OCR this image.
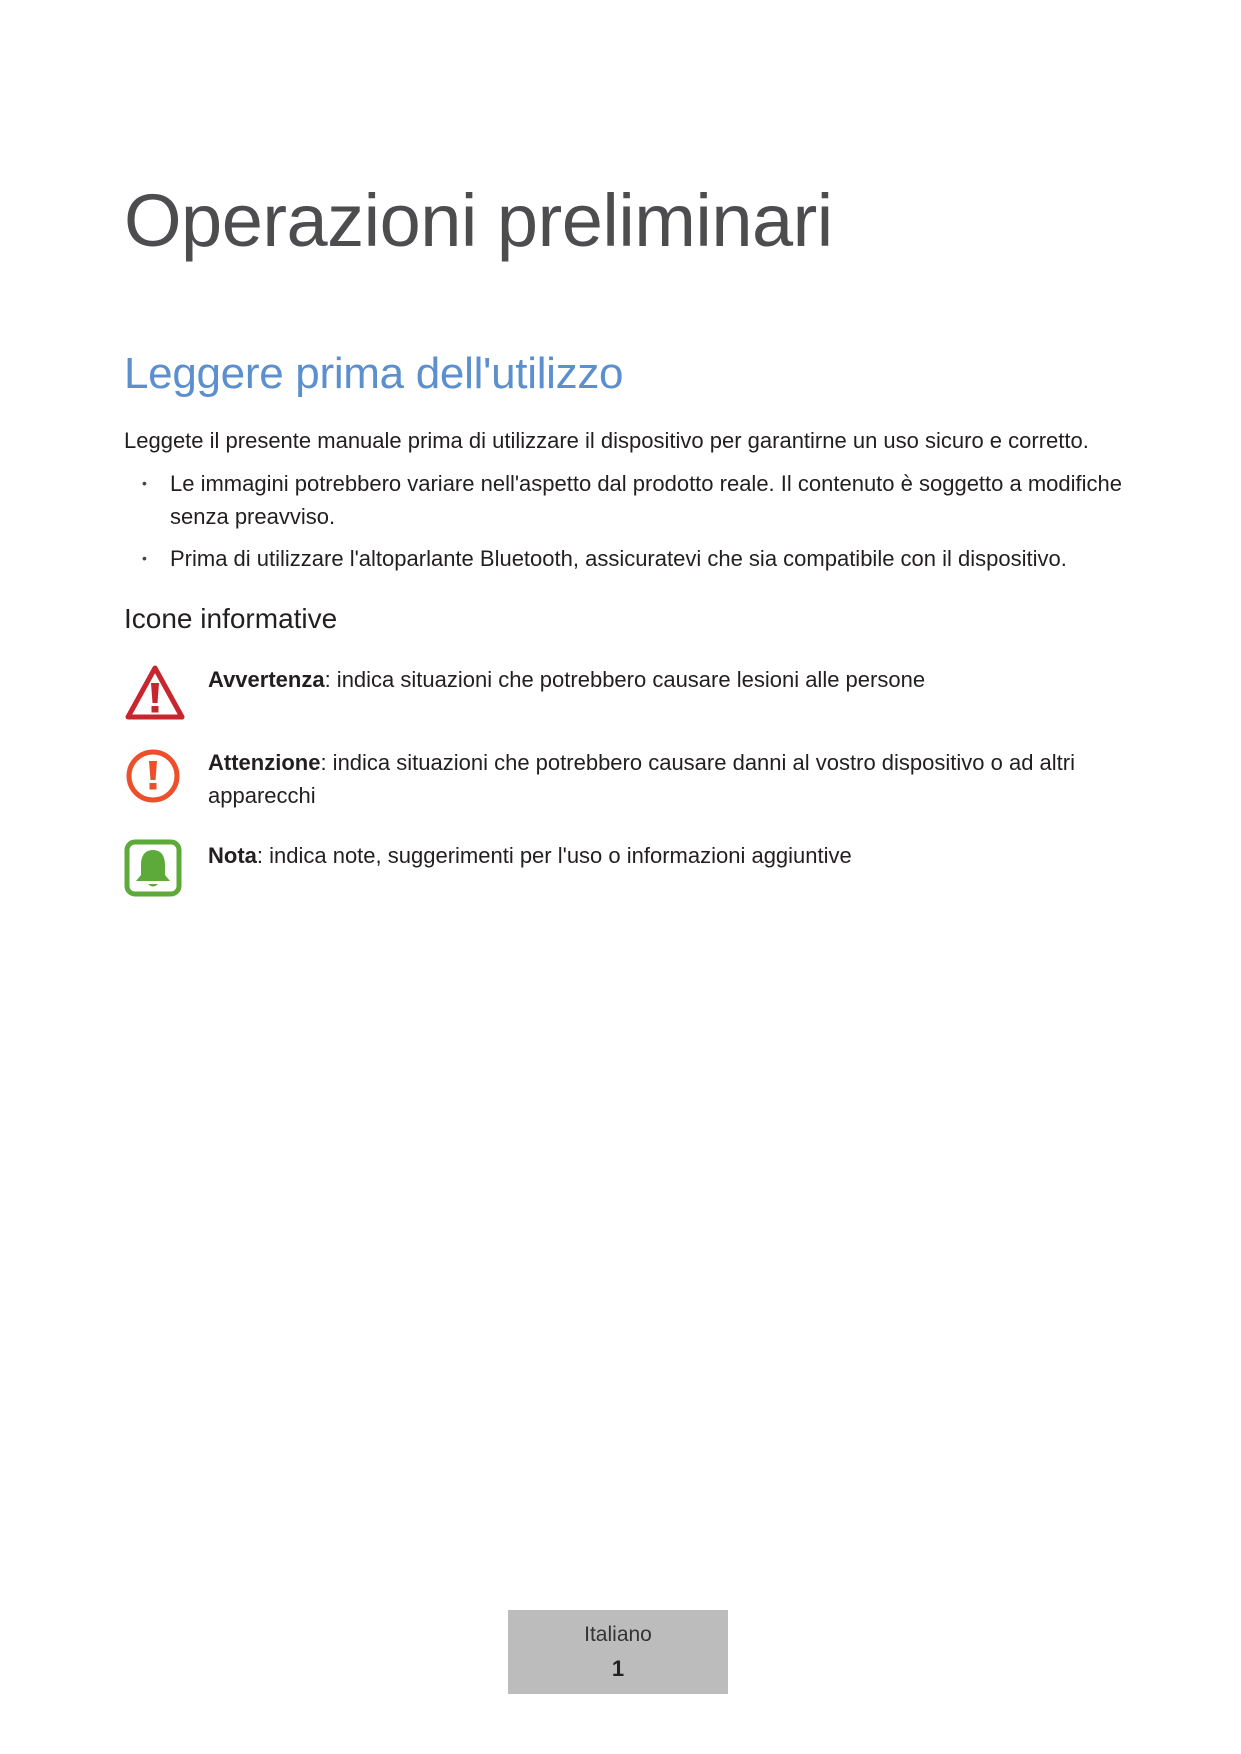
Operazioni preliminari
Leggere prima dell'utilizzo

Leggete il presente manuale prima di utilizzare il dispositivo per garantirne un uso sicuro e corretto.

• Le immagini potrebbero variare nell'aspetto dal prodotto reale. Il contenuto è soggetto a modifiche senza preavviso.
• Prima di utilizzare l'altoparlante Bluetooth, assicuratevi che sia compatibile con il dispositivo.
Icone informative
Avvertenza: indica situazioni che potrebbero causare lesioni alle persone
Attenzione: indica situazioni che potrebbero causare danni al vostro dispositivo o ad altri apparecchi
Nota: indica note, suggerimenti per l'uso o informazioni aggiuntive
Italiano
1
